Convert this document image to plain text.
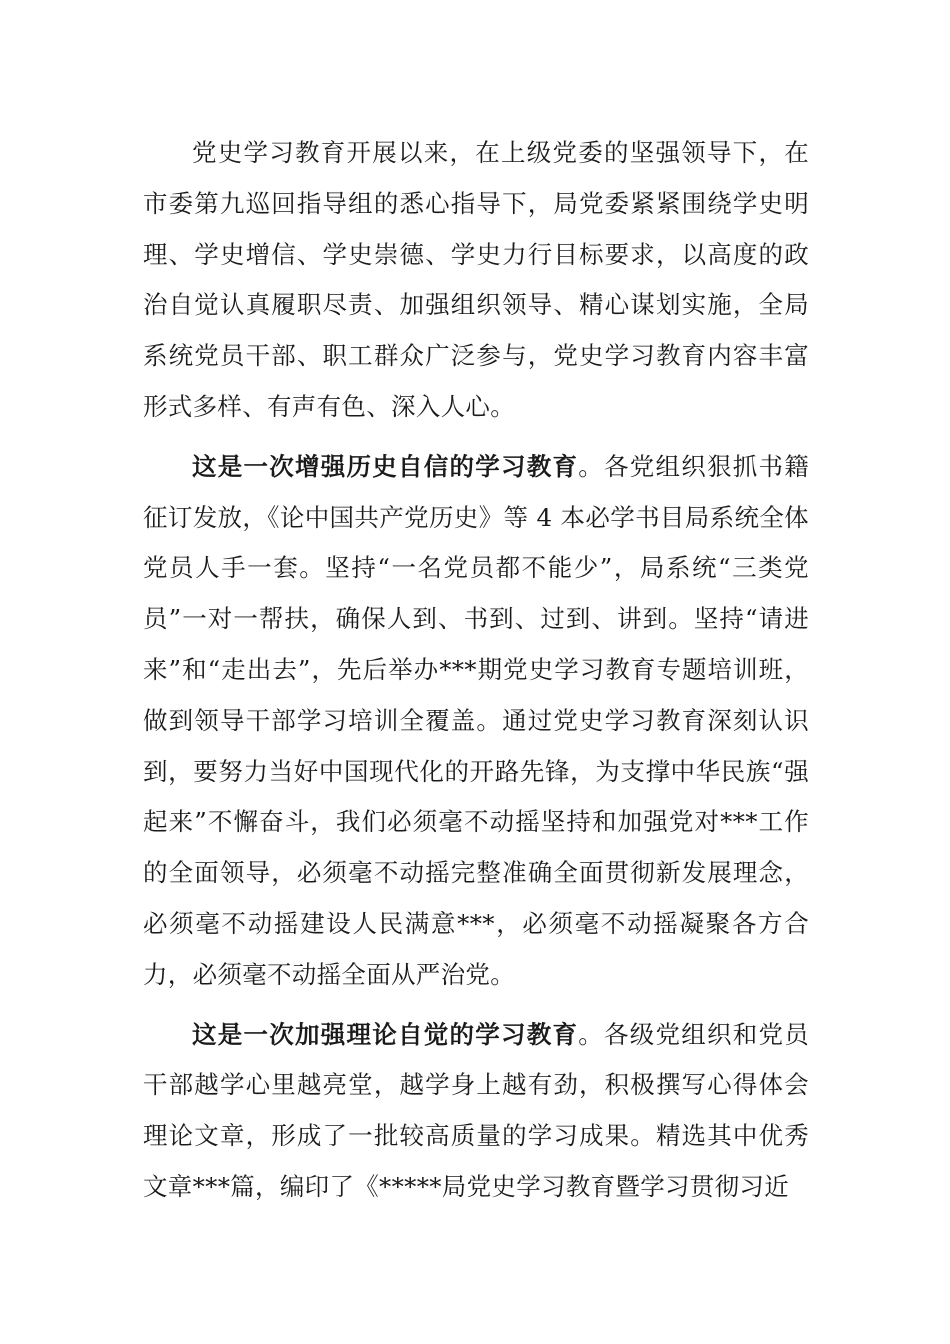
党史学习教育开展以来，在上级党委的坚强领导下，在市委第九巡回指导组的悉心指导下，局党委紧紧围绕学史明理、学史增信、学史崇德、学史力行目标要求，以高度的政治自觉认真履职尽责、加强组织领导、精心谋划实施，全局系统党员干部、职工群众广泛参与，党史学习教育内容丰富形式多样、有声有色、深入人心。

这是一次增强历史自信的学习教育。各党组织狠抓书籍征订发放，《论中国共产党历史》等 4 本必学书目局系统全体党员人手一套。坚持“一名党员都不能少”，局系统“三类党员”一对一帮扶，确保人到、书到、过到、讲到。坚持“请进来”和“走出去”，先后举办***期党史学习教育专题培训班，做到领导干部学习培训全覆盖。通过党史学习教育深刻认识到，要努力当好中国现代化的开路先锋，为支撑中华民族“强起来”不懈奋斗，我们必须毫不动摇坚持和加强党对***工作的全面领导，必须毫不动摇完整准确全面贯彻新发展理念，必须毫不动摇建设人民满意***，必须毫不动摇凝聚各方合力，必须毫不动摇全面从严治党。

这是一次加强理论自觉的学习教育。各级党组织和党员干部越学心里越亮堂，越学身上越有劲，积极撰写心得体会理论文章，形成了一批较高质量的学习成果。精选其中优秀文章***篇，编印了《*****局党史学习教育暨学习贯彻习近
